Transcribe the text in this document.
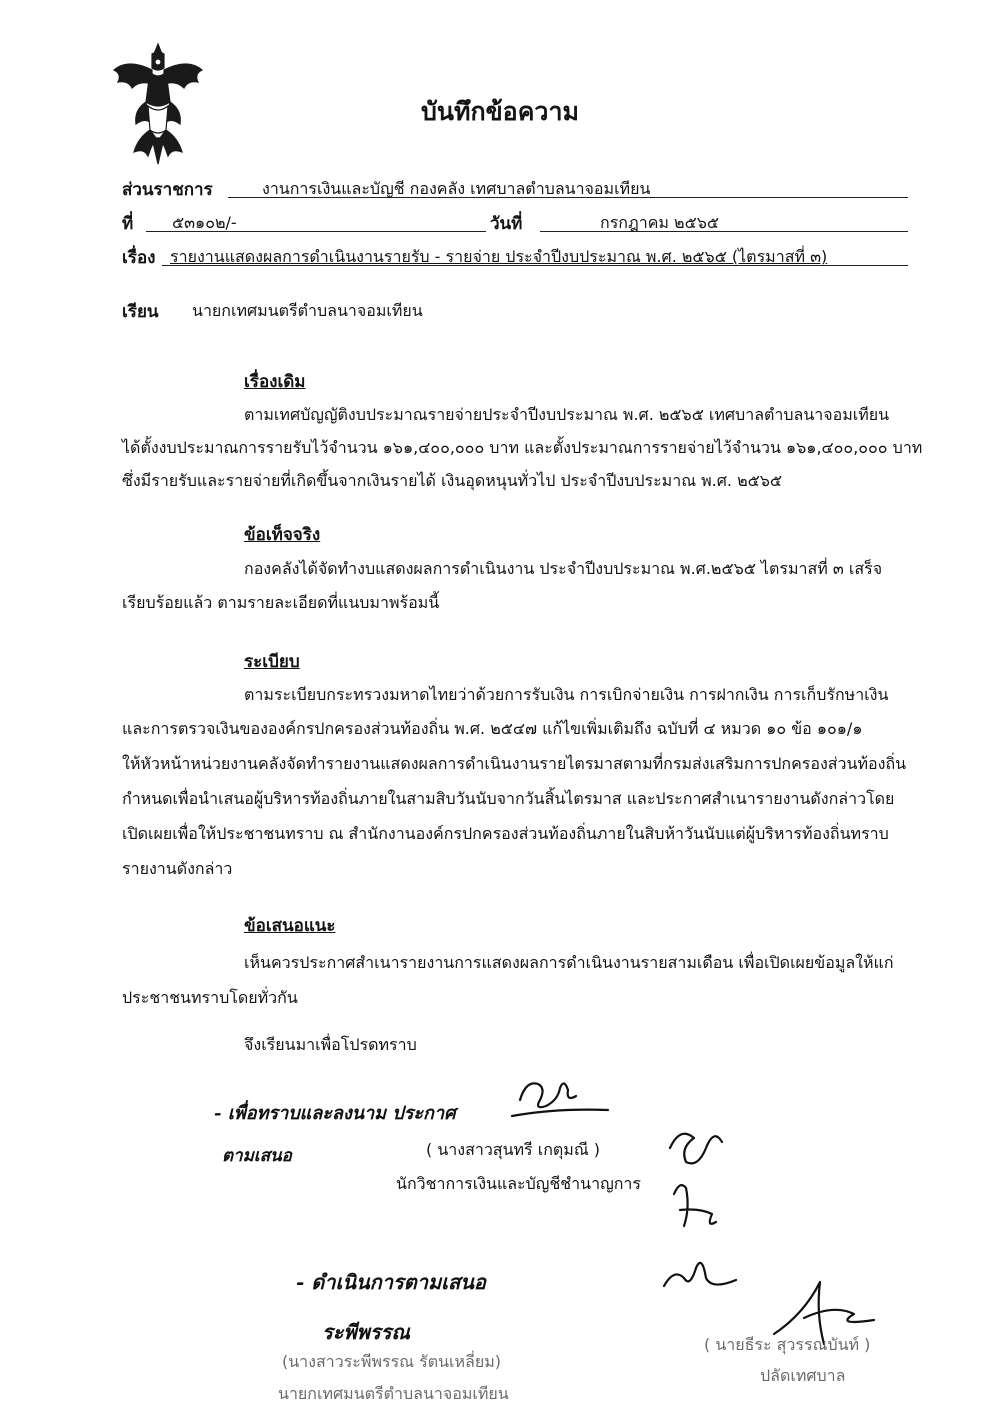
บันทึกข้อความ
ส่วนราชการ	งานการเงินและบัญชี กองคลัง เทศบาลตำบลนาจอมเทียน
ที่ ๕๓๑๐๒/-	วันที่	กรกฎาคม ๒๕๖๕
เรื่อง รายงานแสดงผลการดำเนินงานรายรับ - รายจ่าย ประจำปีงบประมาณ พ.ศ. ๒๕๖๕ (ไตรมาสที่ ๓)
เรียน นายกเทศมนตรีตำบลนาจอมเทียน
เรื่องเดิม
ตามเทศบัญญัติงบประมาณรายจ่ายประจำปีงบประมาณ พ.ศ. ๒๕๖๕ เทศบาลตำบลนาจอมเทียน
ได้ตั้งงบประมาณการรายรับไว้จำนวน ๑๖๑,๔๐๐,๐๐๐ บาท และตั้งประมาณการรายจ่ายไว้จำนวน ๑๖๑,๔๐๐,๐๐๐ บาท
ซึ่งมีรายรับและรายจ่ายที่เกิดขึ้นจากเงินรายได้ เงินอุดหนุนทั่วไป ประจำปีงบประมาณ พ.ศ. ๒๕๖๕
ข้อเท็จจริง
กองคลังได้จัดทำงบแสดงผลการดำเนินงาน ประจำปีงบประมาณ พ.ศ.๒๕๖๕ ไตรมาสที่ ๓ เสร็จ
เรียบร้อยแล้ว ตามรายละเอียดที่แนบมาพร้อมนี้
ระเบียบ
ตามระเบียบกระทรวงมหาดไทยว่าด้วยการรับเงิน การเบิกจ่ายเงิน การฝากเงิน การเก็บรักษาเงิน
และการตรวจเงินขององค์กรปกครองส่วนท้องถิ่น พ.ศ. ๒๕๔๗ แก้ไขเพิ่มเติมถึง ฉบับที่ ๔ หมวด ๑๐ ข้อ ๑๐๑/๑
ให้หัวหน้าหน่วยงานคลังจัดทำรายงานแสดงผลการดำเนินงานรายไตรมาสตามที่กรมส่งเสริมการปกครองส่วนท้องถิ่น
กำหนดเพื่อนำเสนอผู้บริหารท้องถิ่นภายในสามสิบวันนับจากวันสิ้นไตรมาส และประกาศสำเนารายงานดังกล่าวโดย
เปิดเผยเพื่อให้ประชาชนทราบ ณ สำนักงานองค์กรปกครองส่วนท้องถิ่นภายในสิบห้าวันนับแต่ผู้บริหารท้องถิ่นทราบ
รายงานดังกล่าว
ข้อเสนอแนะ
เห็นควรประกาศสำเนารายงานการแสดงผลการดำเนินงานรายสามเดือน เพื่อเปิดเผยข้อมูลให้แก่
ประชาชนทราบโดยทั่วกัน
จึงเรียนมาเพื่อโปรดทราบ
- เพื่อทราบและลงนาม ประกาศ
ตามเสนอ	( นางสาวสุนทรี เกตุมณี )
นักวิชาการเงินและบัญชีชำนาญการ
- ดำเนินการตามเสนอ
ระพีพรรณ
(นางสาวระพีพรรณ รัตนเหลี่ยม)
นายกเทศมนตรีตำบลนาจอมเทียน
( นายธีระ สุวรรณบันท์ )
ปลัดเทศบาล
